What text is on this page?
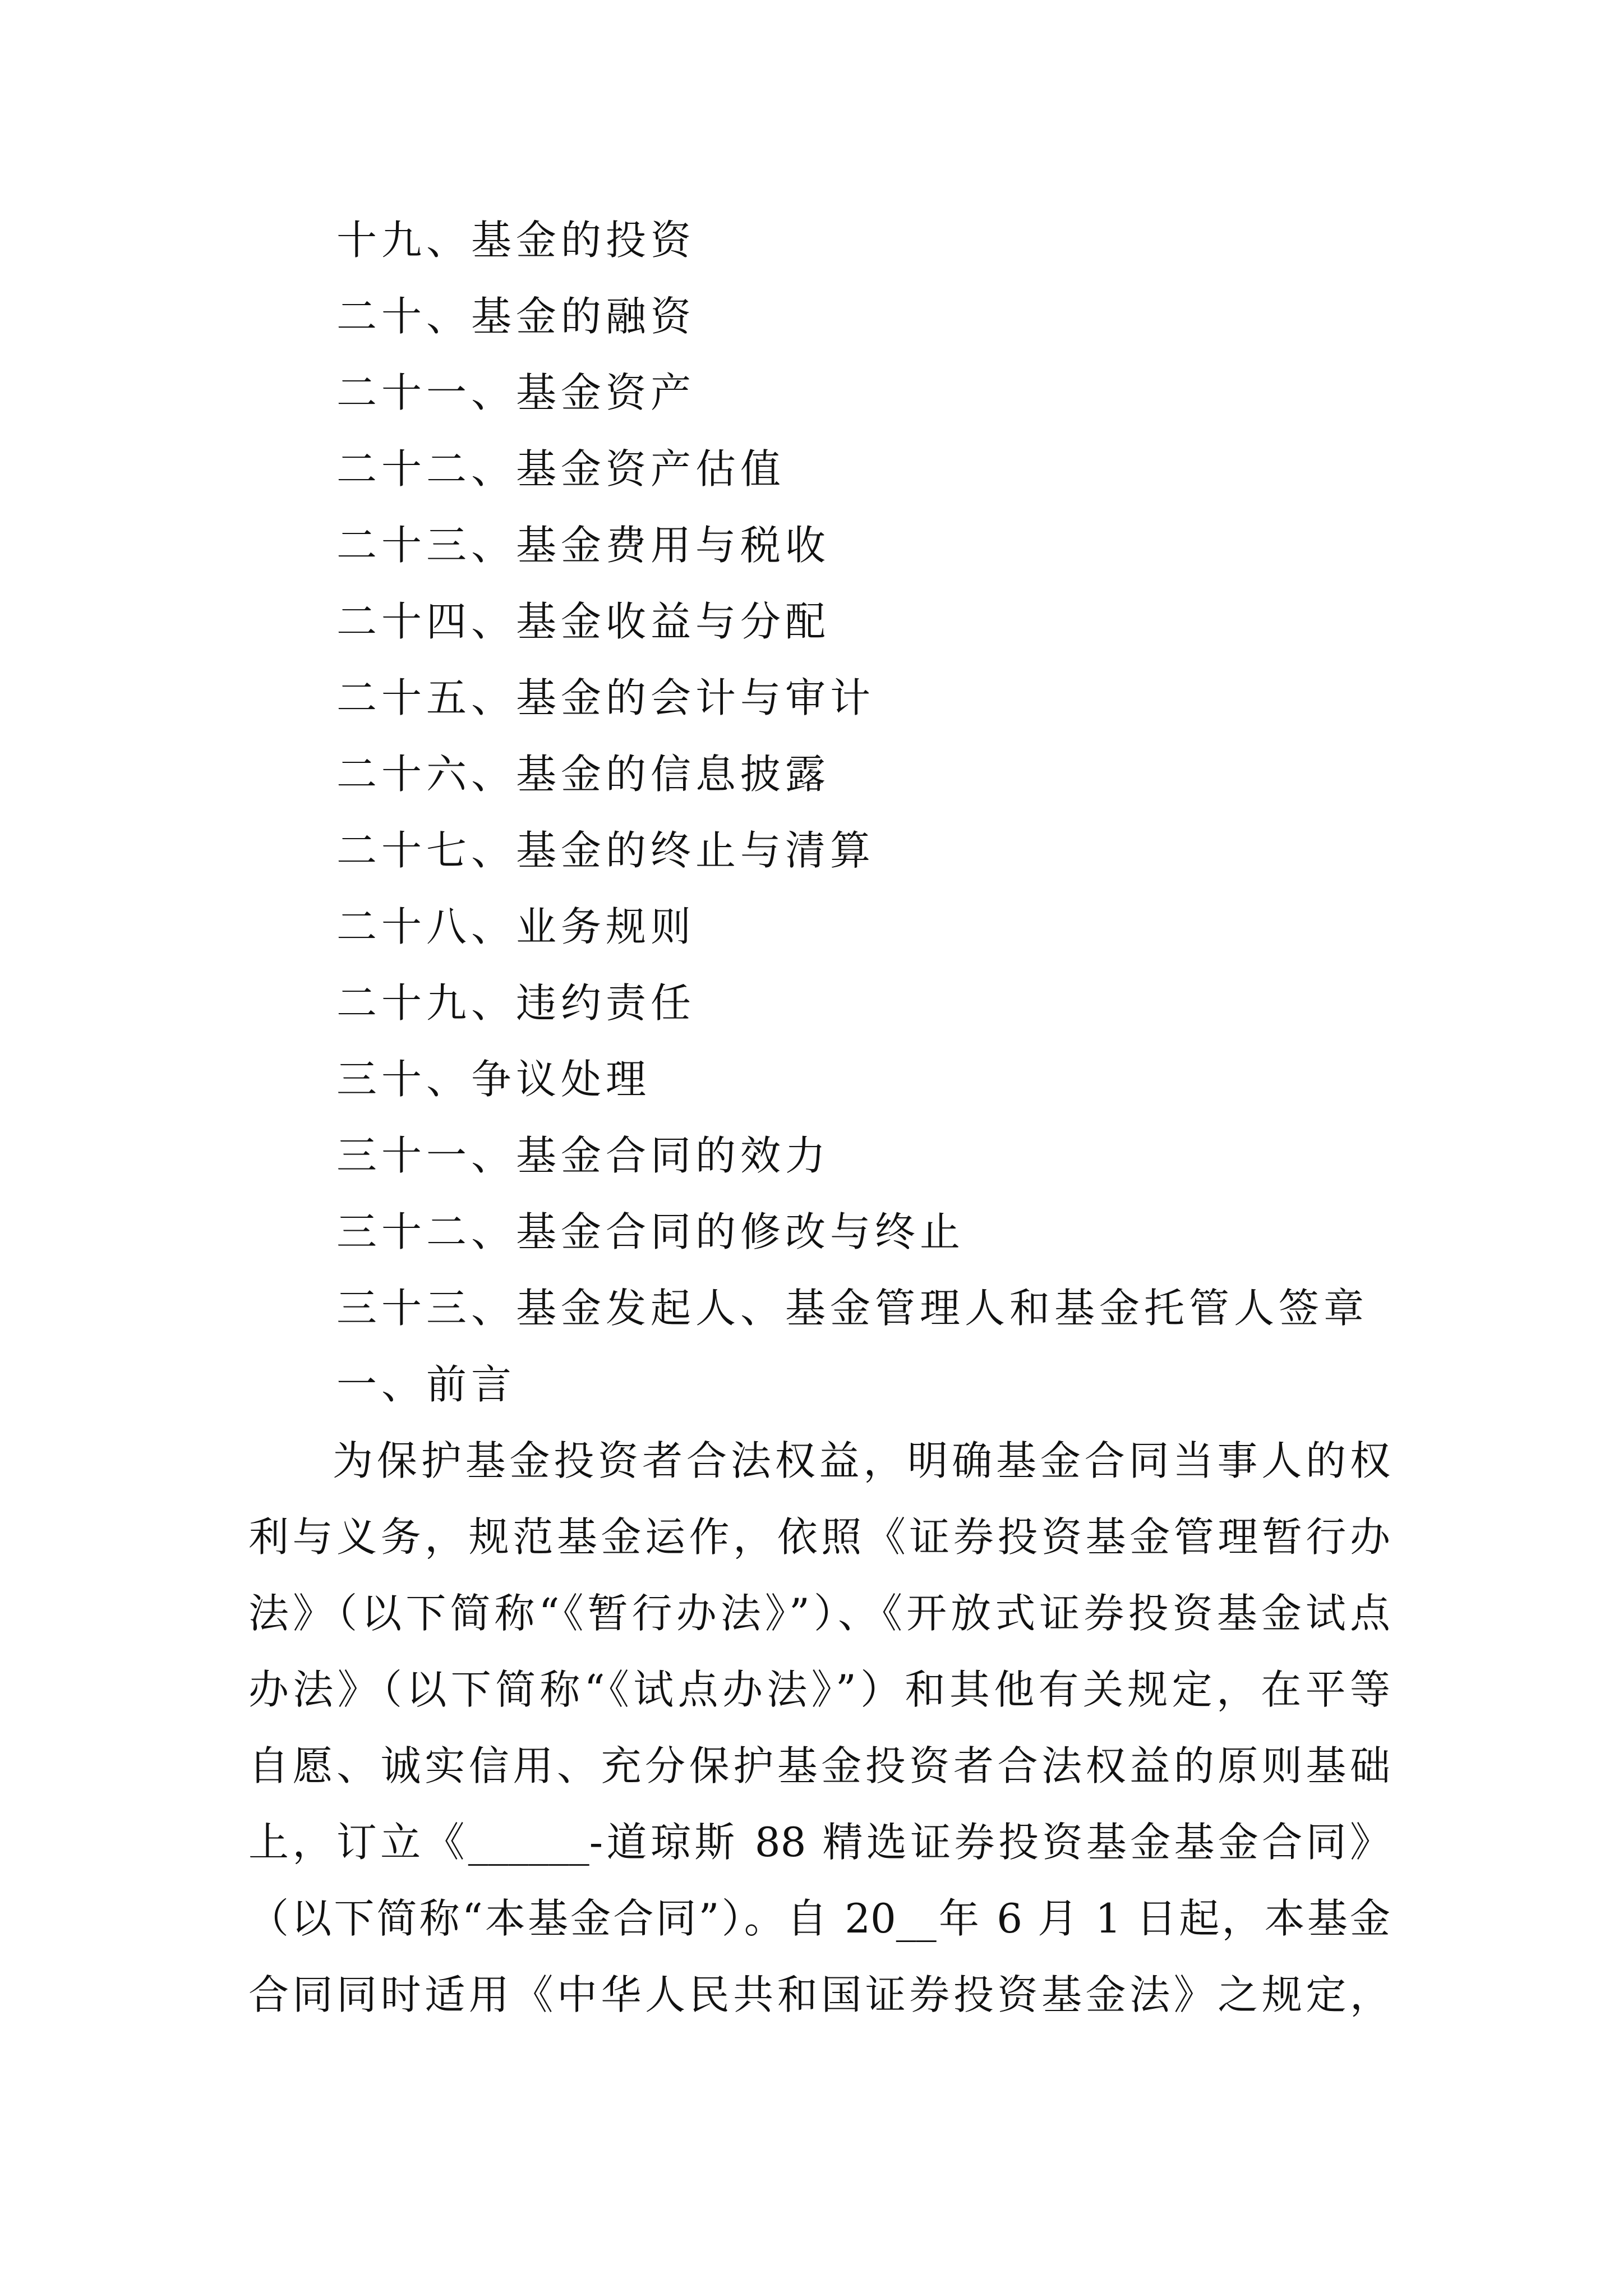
十九、基金的投资
二十、基金的融资
二十一、基金资产
二十二、基金资产估值
二十三、基金费用与税收
二十四、基金收益与分配
二十五、基金的会计与审计
二十六、基金的信息披露
二十七、基金的终止与清算
二十八、业务规则
二十九、违约责任
三十、争议处理
三十一、基金合同的效力
三十二、基金合同的修改与终止
三十三、基金发起人、基金管理人和基金托管人签章
一、前言
为保护基金投资者合法权益，明确基金合同当事人的权
利与义务，规范基金运作，依照《证券投资基金管理暂行办
法》（以下简称“《暂行办法》”）、《开放式证券投资基金试点
办法》（以下简称“《试点办法》”）和其他有关规定，在平等
自愿、诚实信用、充分保护基金投资者合法权益的原则基础
上，订立《______-道琼斯 88 精选证券投资基金基金合同》
（以下简称“本基金合同”）。自 20__年 6 月 1 日起，本基金
合同同时适用《中华人民共和国证券投资基金法》之规定，
